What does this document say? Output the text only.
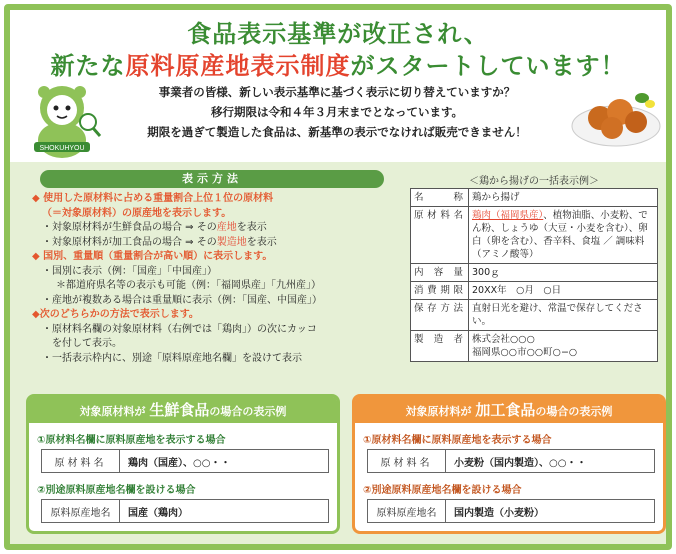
食品表示基準が改正され、
新たな原料原産地表示制度がスタートしています！
SHOKUHYOU
事業者の皆様、新しい表示基準に基づく表示に切り替えていますか？
移行期限は令和４年３月末までとなっています。
期限を過ぎて製造した食品は、新基準の表示でなければ販売できません！
表示方法
◆ 使用した原材料に占める重量割合上位１位の原材料
（＝対象原材料）の原産地を表示します。
・対象原材料が生鮮食品の場合 ⇒ その産地を表示
・対象原材料が加工食品の場合 ⇒ その製造地を表示
◆ 国別、重量順（重量割合が高い順）に表示します。
・国別に表示（例：「国産」「中国産」）
＊都道府県名等の表示も可能（例：「福岡県産」「九州産」）
・産地が複数ある場合は重量順に表示（例：「国産、中国産」）
◆次のどちらかの方法で表示します。
・原材料名欄の対象原材料（右例では「鶏肉」）の次にカッコ
を付して表示。
・一括表示枠内に、別途「原料原産地名欄」を設けて表示
＜鶏から揚げの一括表示例＞
名称	鶏から揚げ
原材料名	鶏肉（福岡県産）、植物油脂、小麦粉、でん粉、しょうゆ（大豆・小麦を含む）、卵白（卵を含む）、香辛料、食塩 ／ 調味料（アミノ酸等）
内容量	300ｇ
消費期限	20XX年　○月　○日
保存方法	直射日光を避け、常温で保存してください。
製造者	株式会社○○○
福岡県○○市○○町○−○
対象原材料が 生鮮食品の場合の表示例
①原材料名欄に原料原産地を表示する場合
原材料名	鶏肉（国産）、○○・・
②別途原料原産地名欄を設ける場合
原料原産地名	国産（鶏肉）
対象原材料が 加工食品の場合の表示例
①原材料名欄に原料原産地を表示する場合
原材料名	小麦粉（国内製造）、○○・・
②別途原料原産地名欄を設ける場合
原料原産地名	国内製造（小麦粉）
